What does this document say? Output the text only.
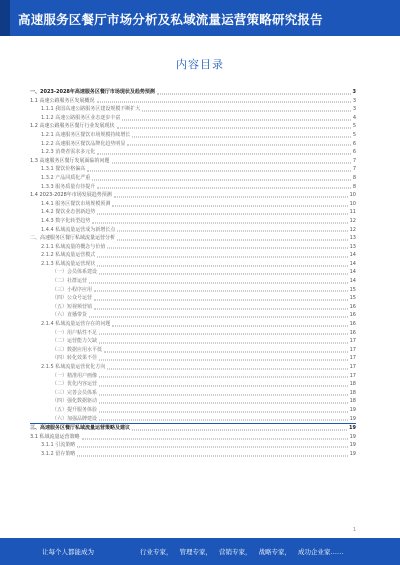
高速服务区餐厅市场分析及私域流量运营策略研究报告
内容目录
一、2023-2028年高速服务区餐厅市场现状及趋势预测	3
1.1 高速公路服务区发展概况	3
1.1.1 我国高速公路服务区建设规模不断扩大	3
1.1.2 高速公路服务区业态逐步丰富	4
1.2 高速公路服务区餐厅行业发展现状	5
1.2.1 高速服务区餐饮市场规模持续增长	5
1.2.2 高速服务区餐饮品牌化趋势明显	6
1.2.3 消费者需求多元化	6
1.3 高速服务区餐厅发展面临的问题	7
1.3.1 餐饮价格偏高	7
1.3.2 产品同质化严重	8
1.3.3 服务质量有待提升	8
1.4 2023-2028年市场发展趋势预测	10
1.4.1 服务区餐饮市场规模预测	10
1.4.2 餐饮业态创新趋势	11
1.4.3 数字化转型趋势	12
1.4.4 私域流量运营成为新增长点	12
二、高速服务区餐厅私域流量运营分析	13
2.1.1 私域流量的概念与价值	13
2.1.2 私域流量运营模式	14
2.1.3 私域流量运营现状	14
（一）会员体系建设	14
（二）社群运营	14
（三）小程序应用	15
（四）公众号运营	15
（五）短视频营销	16
（六）直播带货	16
2.1.4 私域流量运营存在的问题	16
（一）用户粘性不足	16
（二）运营能力欠缺	17
（三）数据应用水平低	17
（四）转化效果不佳	17
2.1.5 私域流量运营优化方向	17
（一）精准用户画像	17
（二）优化内容运营	18
（三）完善会员体系	18
（四）强化数据驱动	18
（五）提升服务体验	19
（六）加强品牌建设	19
三、高速服务区餐厅私域流量运营策略及建议	19
3.1 私域流量运营策略	19
3.1.1 引流策略	19
3.1.2 留存策略	19
1
让每个人都能成为	行业专家， 管理专家， 营销专家， 战略专家， 成功企业家……
